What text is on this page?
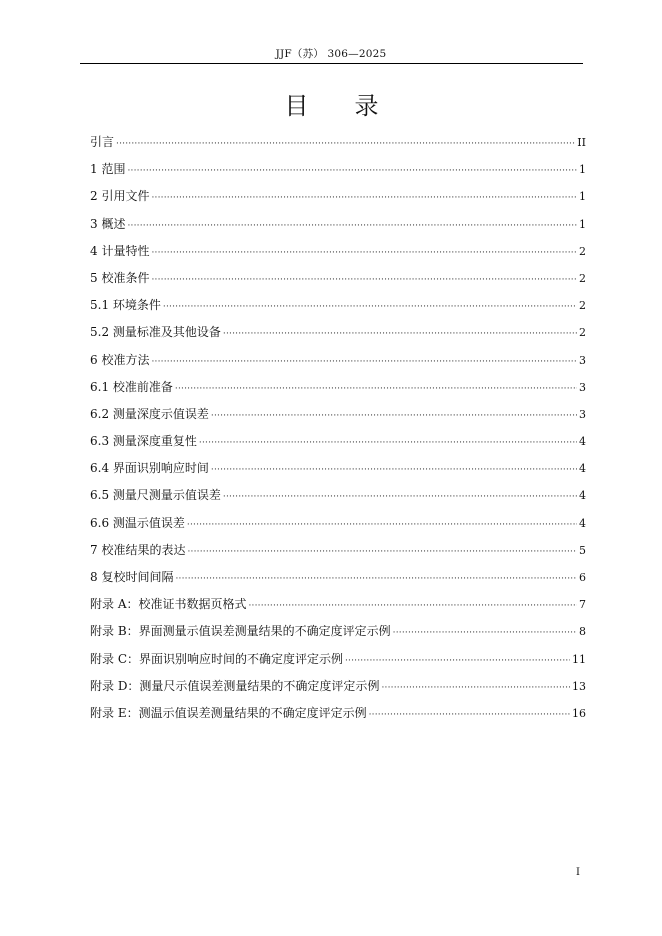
JJF（苏） 306—2025
目 录
引言 ·····	II
1 范围 ·····	1
2 引用文件 ·····	1
3 概述 ·····	1
4 计量特性 ·····	2
5 校准条件 ·····	2
5.1 环境条件 ·····	2
5.2 测量标准及其他设备 ·····	2
6 校准方法 ·····	3
6.1 校准前准备 ·····	3
6.2 测量深度示值误差 ·····	3
6.3 测量深度重复性 ·····	4
6.4 界面识别响应时间 ·····	4
6.5 测量尺测量示值误差 ·····	4
6.6 测温示值误差 ·····	4
7 校准结果的表达 ·····	5
8 复校时间间隔 ·····	6
附录 A：校准证书数据页格式 ·····	7
附录 B：界面测量示值误差测量结果的不确定度评定示例 ·····	8
附录 C：界面识别响应时间的不确定度评定示例 ·····	11
附录 D：测量尺示值误差测量结果的不确定度评定示例 ·····	13
附录 E：测温示值误差测量结果的不确定度评定示例 ·····	16
I
